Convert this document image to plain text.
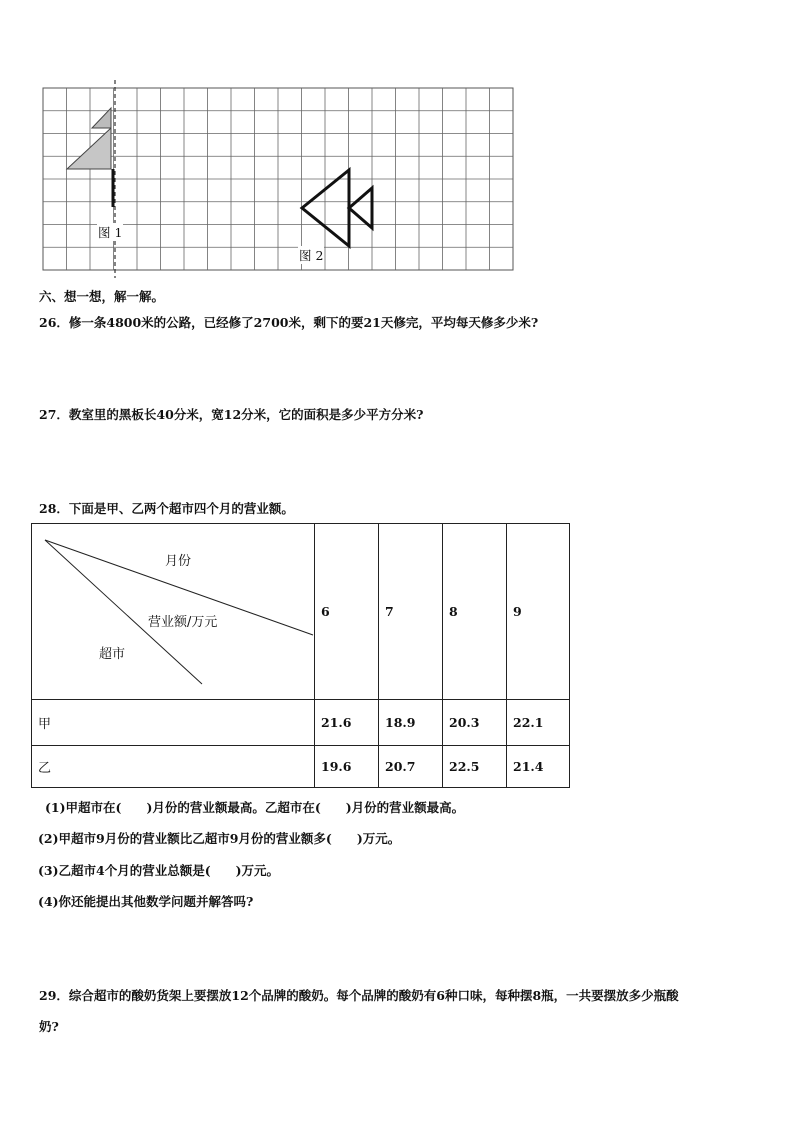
图 1
图 2
六、想一想，解一解。
26．修一条4800米的公路，已经修了2700米，剩下的要21天修完，平均每天修多少米?
27．教室里的黑板长40分米，宽12分米，它的面积是多少平方分米?
28．下面是甲、乙两个超市四个月的营业额。
月份
营业额/万元
超市	6	7	8	9
甲	21.6	18.9	20.3	22.1
乙	19.6	20.7	22.5	21.4
(1)甲超市在(　　)月份的营业额最高。乙超市在(　　)月份的营业额最高。
(2)甲超市9月份的营业额比乙超市9月份的营业额多(　　)万元。
(3)乙超市4个月的营业总额是(　　)万元。
(4)你还能提出其他数学问题并解答吗?
29．综合超市的酸奶货架上要摆放12个品牌的酸奶。每个品牌的酸奶有6种口味，每种摆8瓶，一共要摆放多少瓶酸
奶?
